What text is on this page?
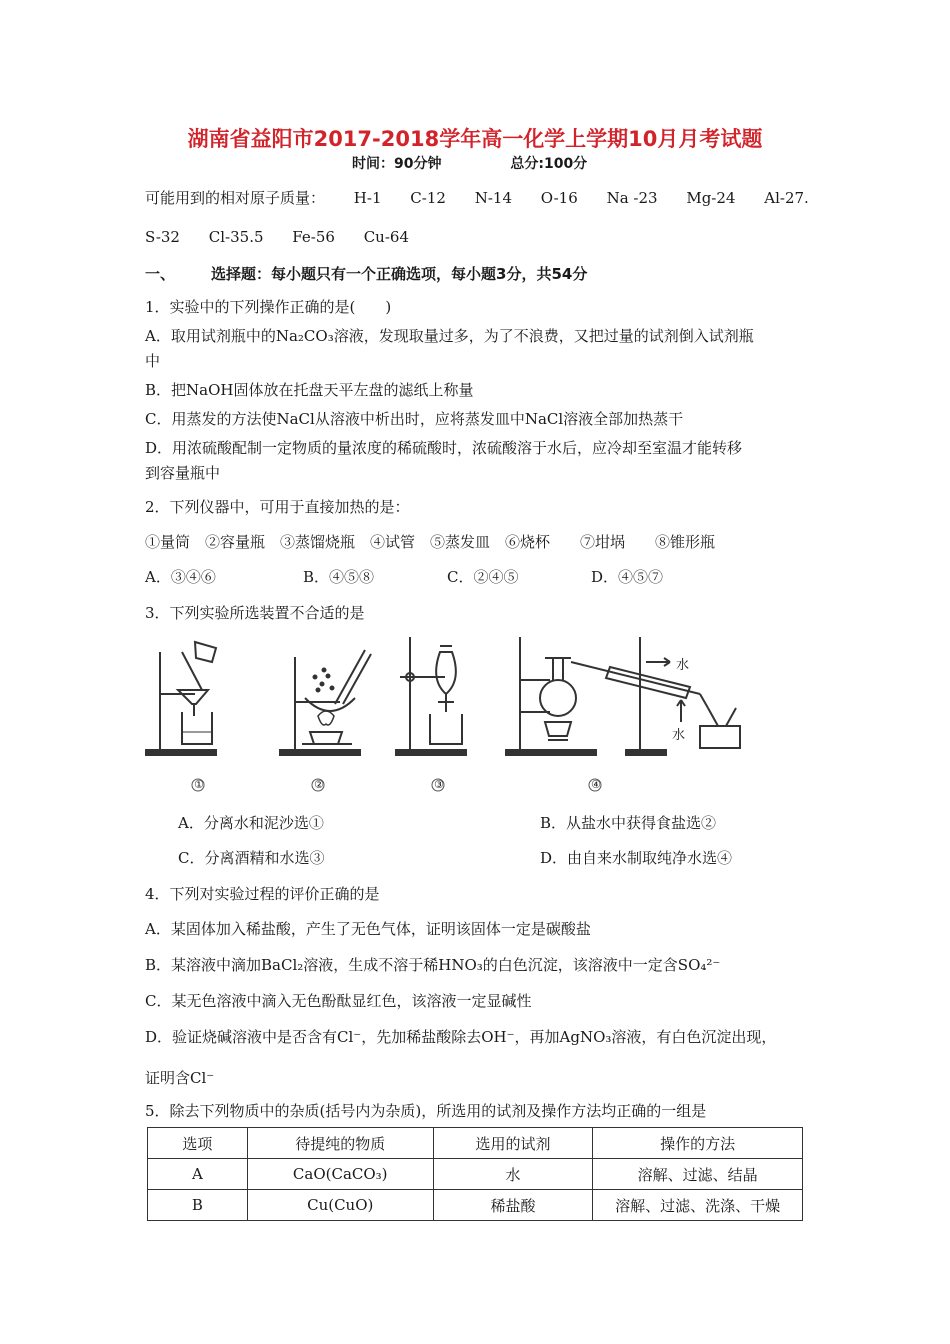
湖南省益阳市2017-2018学年高一化学上学期10月月考试题
时间：90分钟	总分:100分
可能用到的相对原子质量： H-1 C-12 N-14 O-16 Na -23 Mg-24 Al-27.
S-32 Cl-35.5 Fe-56 Cu-64
一、 选择题：每小题只有一个正确选项，每小题3分，共54分
1．实验中的下列操作正确的是(　　)
A．取用试剂瓶中的Na₂CO₃溶液，发现取量过多，为了不浪费，又把过量的试剂倒入试剂瓶
中
B．把NaOH固体放在托盘天平左盘的滤纸上称量
C．用蒸发的方法使NaCl从溶液中析出时，应将蒸发皿中NaCl溶液全部加热蒸干
D．用浓硫酸配制一定物质的量浓度的稀硫酸时，浓硫酸溶于水后，应冷却至室温才能转移
到容量瓶中
2．下列仪器中，可用于直接加热的是：
①量筒　②容量瓶　③蒸馏烧瓶　④试管　⑤蒸发皿　⑥烧杯　　⑦坩埚　　⑧锥形瓶
A．③④⑥	B．④⑤⑧	C．②④⑤	D．④⑤⑦
3．下列实验所选装置不合适的是
①	②	③	④
水
水
A．分离水和泥沙选①	B．从盐水中获得食盐选②
C．分离酒精和水选③	D．由自来水制取纯净水选④
4．下列对实验过程的评价正确的是
A．某固体加入稀盐酸，产生了无色气体，证明该固体一定是碳酸盐
B．某溶液中滴加BaCl₂溶液，生成不溶于稀HNO₃的白色沉淀，该溶液中一定含SO₄²⁻
C．某无色溶液中滴入无色酚酞显红色，该溶液一定显碱性
D．验证烧碱溶液中是否含有Cl⁻，先加稀盐酸除去OH⁻，再加AgNO₃溶液，有白色沉淀出现，
证明含Cl⁻
5．除去下列物质中的杂质(括号内为杂质)，所选用的试剂及操作方法均正确的一组是
选项	待提纯的物质	选用的试剂	操作的方法
A	CaO(CaCO₃)	水	溶解、过滤、结晶
B	Cu(CuO)	稀盐酸	溶解、过滤、洗涤、干燥
